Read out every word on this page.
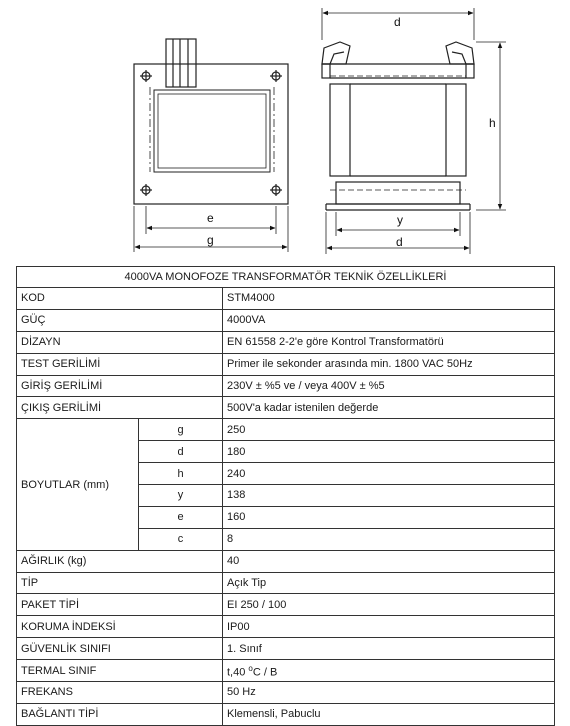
e
g
d
h
y
d
4000VA MONOFOZE TRANSFORMATÖR TEKNİK ÖZELLİKLERİ		
KOD		STM4000
GÜÇ		4000VA
DİZAYN		EN 61558 2-2'e göre Kontrol Transformatörü
TEST GERİLİMİ		Primer ile sekonder arasında min. 1800 VAC 50Hz
GİRİŞ GERİLİMİ		230V ± %5 ve / veya 400V ± %5
ÇIKIŞ GERİLİMİ		500V'a kadar istenilen değerde
BOYUTLAR (mm)	g	250
	d	180
	h	240
	y	138
	e	160
	c	8
AĞIRLIK (kg)		40
TİP		Açık Tip
PAKET TİPİ		EI 250 / 100
KORUMA İNDEKSİ		IP00
GÜVENLİK SINIFI		1. Sınıf
TERMAL SINIF		t,40 $^o$C / B
FREKANS		50 Hz
BAĞLANTI TİPİ		Klemensli, Pabuclu
